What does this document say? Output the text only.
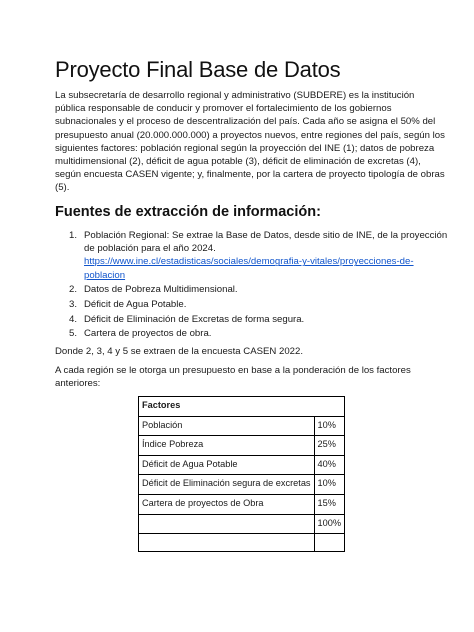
Proyecto Final Base de Datos

La subsecretaría de desarrollo regional y administrativo (SUBDERE) es la institución
pública responsable de conducir y promover el fortalecimiento de los gobiernos
subnacionales y el proceso de descentralización del país. Cada año se asigna el 50% del
presupuesto anual (20.000.000.000) a proyectos nuevos, entre regiones del país, según los
siguientes factores: población regional según la proyección del INE (1); datos de pobreza
multidimensional (2), déficit de agua potable (3), déficit de eliminación de excretas (4),
según encuesta CASEN vigente; y, finalmente, por la cartera de proyecto tipología de obras
(5).

Fuentes de extracción de información:
1. Población Regional: Se extrae la Base de Datos, desde sitio de INE, de la proyección
de población para el año 2024.
https://www.ine.cl/estadisticas/sociales/demografia-y-vitales/proyecciones-de-
poblacion
2. Datos de Pobreza Multidimensional.
3. Déficit de Agua Potable.
4. Déficit de Eliminación de Excretas de forma segura.
5. Cartera de proyectos de obra.

Donde 2, 3, 4 y 5 se extraen de la encuesta CASEN 2022.

A cada región se le otorga un presupuesto en base a la ponderación de los factores
anteriores:

Factores	
Población	10%
Índice Pobreza	25%
Déficit de Agua Potable	40%
Déficit de Eliminación segura de excretas	10%
Cartera de proyectos de Obra	15%
	100%
